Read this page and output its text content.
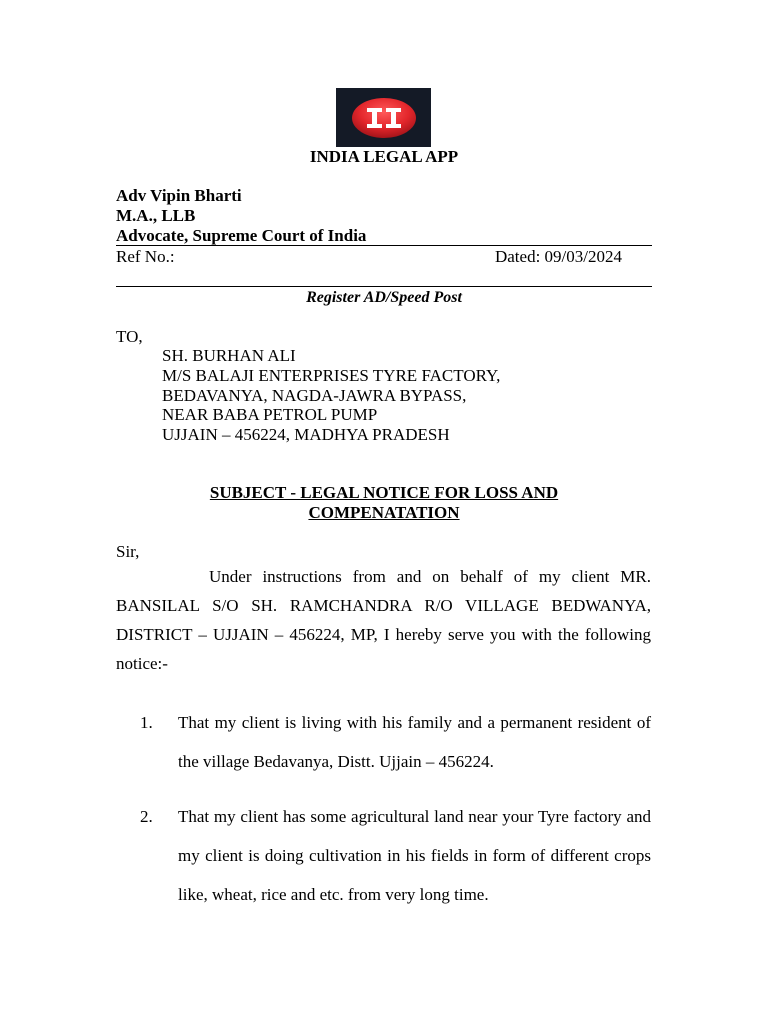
INDIA LEGAL APP
Adv Vipin Bharti
M.A., LLB
Advocate, Supreme Court of India
Ref No.:	Dated: 09/03/2024
Register AD/Speed Post
TO,
SH. BURHAN ALI
M/S BALAJI ENTERPRISES TYRE FACTORY,
BEDAVANYA, NAGDA-JAWRA BYPASS,
NEAR BABA PETROL PUMP
UJJAIN – 456224, MADHYA PRADESH
SUBJECT - LEGAL NOTICE FOR LOSS AND
COMPENATATION
Sir,
Under instructions from and on behalf of my client MR. BANSILAL S/O SH. RAMCHANDRA R/O VILLAGE BEDWANYA, DISTRICT – UJJAIN – 456224, MP, I hereby serve you with the following notice:-
1. That my client is living with his family and a permanent resident of the village Bedavanya, Distt. Ujjain – 456224.
2. That my client has some agricultural land near your Tyre factory and my client is doing cultivation in his fields in form of different crops like, wheat, rice and etc. from very long time.
